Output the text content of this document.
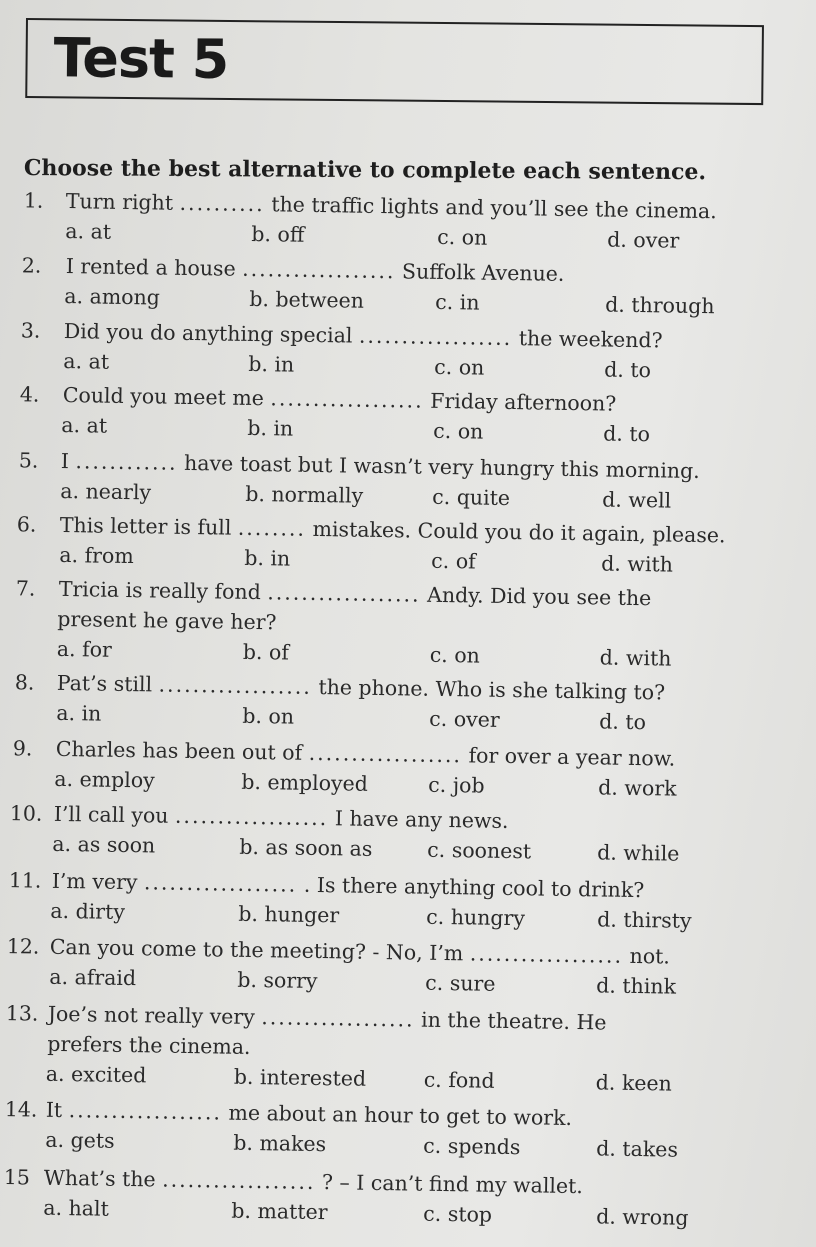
Test 5

Choose the best alternative to complete each sentence.

1. Turn right .......... the traffic lights and you’ll see the cinema.
a. at	b. off	c. on	d. over
2. I rented a house .................. Suffolk Avenue.
a. among	b. between	c. in	d. through
3. Did you do anything special .................. the weekend?
a. at	b. in	c. on	d. to
4. Could you meet me .................. Friday afternoon?
a. at	b. in	c. on	d. to
5. I ............ have toast but I wasn’t very hungry this morning.
a. nearly	b. normally	c. quite	d. well
6. This letter is full ........ mistakes. Could you do it again, please.
a. from	b. in	c. of	d. with
7. Tricia is really fond .................. Andy. Did you see the
present he gave her?
a. for	b. of	c. on	d. with
8. Pat’s still .................. the phone. Who is she talking to?
a. in	b. on	c. over	d. to
9. Charles has been out of .................. for over a year now.
a. employ	b. employed	c. job	d. work
10. I’ll call you .................. I have any news.
a. as soon	b. as soon as	c. soonest	d. while
11. I’m very .................. . Is there anything cool to drink?
a. dirty	b. hunger	c. hungry	d. thirsty
12. Can you come to the meeting? - No, I’m .................. not.
a. afraid	b. sorry	c. sure	d. think
13. Joe’s not really very .................. in the theatre. He
prefers the cinema.
a. excited	b. interested	c. fond	d. keen
14. It .................. me about an hour to get to work.
a. gets	b. makes	c. spends	d. takes
15 What’s the .................. ? – I can’t find my wallet.
a. halt	b. matter	c. stop	d. wrong
